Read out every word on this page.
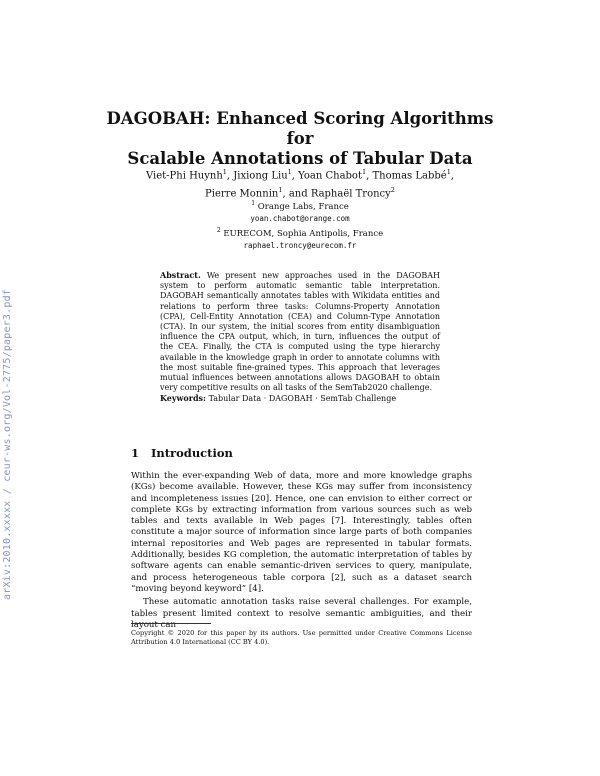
arXiv:2010.xxxxx / ceur-ws.org/Vol-2775/paper3.pdf
DAGOBAH: Enhanced Scoring Algorithms for
Scalable Annotations of Tabular Data
Viet-Phi Huynh$^1$, Jixiong Liu$^1$, Yoan Chabot$^1$, Thomas Labbé$^1$,
Pierre Monnin$^1$, and Raphaël Troncy$^2$
$^1$ Orange Labs, France
yoan.chabot@orange.com
$^2$ EURECOM, Sophia Antipolis, France
raphael.troncy@eurecom.fr

Abstract. We present new approaches used in the DAGOBAH system to perform automatic semantic table interpretation. DAGOBAH semantically annotates tables with Wikidata entities and relations to perform three tasks: Columns-Property Annotation (CPA), Cell-Entity Annotation (CEA) and Column-Type Annotation (CTA). In our system, the initial scores from entity disambiguation influence the CPA output, which, in turn, influences the output of the CEA. Finally, the CTA is computed using the type hierarchy available in the knowledge graph in order to annotate columns with the most suitable fine-grained types. This approach that leverages mutual influences between annotations allows DAGOBAH to obtain very competitive results on all tasks of the SemTab2020 challenge.

Keywords: Tabular Data · DAGOBAH · SemTab Challenge

1 Introduction

Within the ever-expanding Web of data, more and more knowledge graphs (KGs) become available. However, these KGs may suffer from inconsistency and incompleteness issues [20]. Hence, one can envision to either correct or complete KGs by extracting information from various sources such as web tables and texts available in Web pages [7]. Interestingly, tables often constitute a major source of information since large parts of both companies internal repositories and Web pages are represented in tabular formats. Additionally, besides KG completion, the automatic interpretation of tables by software agents can enable semantic-driven services to query, manipulate, and process heterogeneous table corpora [2], such as a dataset search “moving beyond keyword” [4].

These automatic annotation tasks raise several challenges. For example, tables present limited context to resolve semantic ambiguities, and their layout can

Copyright © 2020 for this paper by its authors. Use permitted under Creative Commons License Attribution 4.0 International (CC BY 4.0).
